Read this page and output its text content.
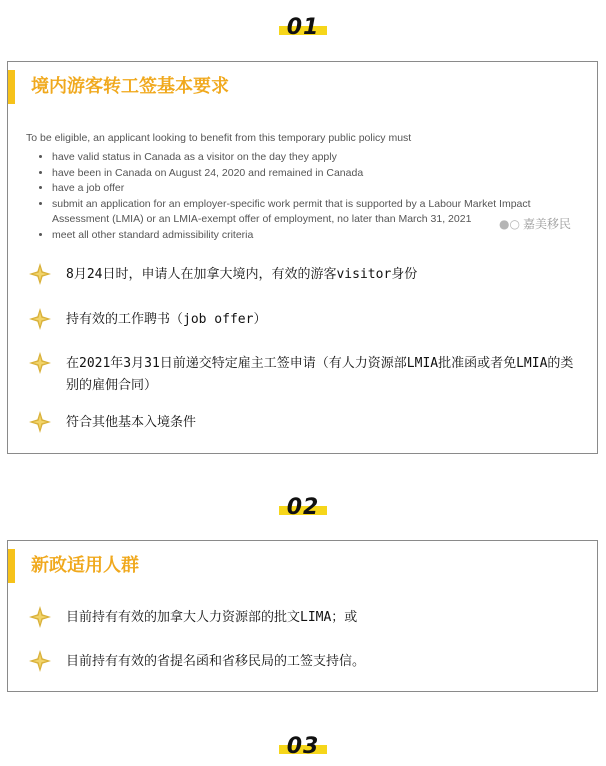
01
境内游客转工签基本要求

To be eligible, an applicant looking to benefit from this temporary public policy must

• have valid status in Canada as a visitor on the day they apply
• have been in Canada on August 24, 2020 and remained in Canada
• have a job offer
• submit an application for an employer-specific work permit that is supported by a Labour Market Impact Assessment (LMIA) or an LMIA-exempt offer of employment, no later than March 31, 2021
• meet all other standard admissibility criteria
●○ 嘉美移民
8月24日时，申请人在加拿大境内，有效的游客visitor身份
持有效的工作聘书（job offer）
在2021年3月31日前递交特定雇主工签申请（有人力资源部LMIA批准函或者免LMIA的类别的雇佣合同）
符合其他基本入境条件
02
新政适用人群
目前持有有效的加拿大人力资源部的批文LIMA；或
目前持有有效的省提名函和省移民局的工签支持信。
03
